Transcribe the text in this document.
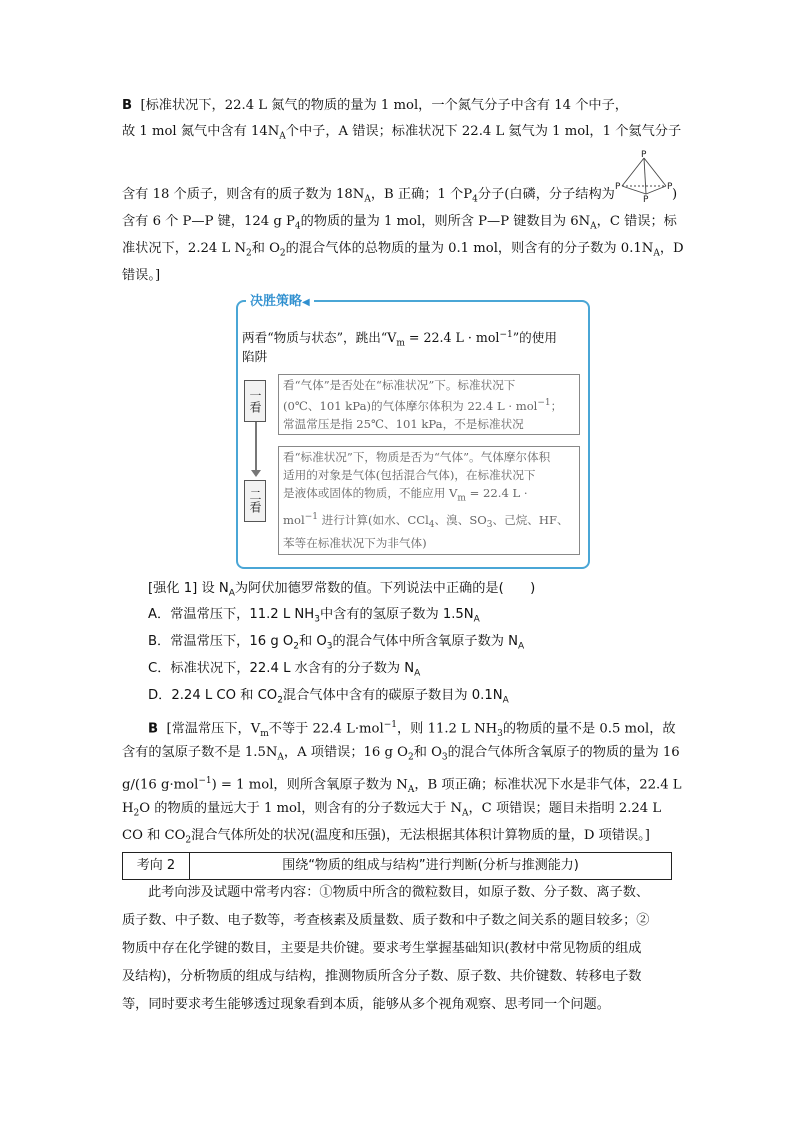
B [标准状况下，22.4 L 氮气的物质的量为 1 mol，一个氮气分子中含有 14 个中子，
故 1 mol 氮气中含有 $14N_A$个中子，A 错误；标准状况下 22.4 L 氦气为 1 mol，1 个氦气分子
含有 18 个质子，则含有的质子数为 $18N_A$，B 正确；1 个$P_4$分子(白磷，分子结构为	)
P
P	P
P
含有 6 个 P—P 键，124 g $P_4$的物质的量为 1 mol，则所含 P—P 键数目为 $6N_A$，C 错误；标
准状况下，2.24 L $N_2$和 $O_2$的混合气体的总物质的量为 0.1 mol，则含有的分子数为 $0.1N_A$，D
错误。]
决胜策略◀
两看“物质与状态”，跳出“$V_m = 22.4$ L · mol$^{-1}$”的使用
陷阱
一看
二看
看“气体”是否处在“标准状况”下。标准状况下
(0℃、101 kPa)的气体摩尔体积为 22.4 L · mol$^{-1}$；
常温常压是指 25℃、101 kPa，不是标准状况
看“标准状况”下，物质是否为“气体”。气体摩尔体积
适用的对象是气体(包括混合气体)，在标准状况下
是液体或固体的物质，不能应用 $V_m = 22.4$ L ·
mol$^{-1}$ 进行计算(如水、CCl$_4$、溴、$SO_3$、己烷、HF、
苯等在标准状况下为非气体)
[强化 1] 设 $N_A$为阿伏加德罗常数的值。下列说法中正确的是(　　)
A．常温常压下，11.2 L $NH_3$中含有的氢原子数为 $1.5N_A$
B．常温常压下，16 g $O_2$和 $O_3$的混合气体中所含氧原子数为 $N_A$
C．标准状况下，22.4 L 水含有的分子数为 $N_A$
D．2.24 L CO 和 $CO_2$混合气体中含有的碳原子数目为 $0.1N_A$
B [常温常压下，$V_m$不等于 22.4 L·mol$^{-1}$，则 11.2 L $NH_3$的物质的量不是 0.5 mol，故
含有的氢原子数不是 $1.5N_A$，A 项错误；16 g $O_2$和 $O_3$的混合气体所含氧原子的物质的量为 16
g/(16 g·mol$^{-1}$) = 1 mol，则所含氧原子数为 $N_A$，B 项正确；标准状况下水是非气体，22.4 L
$H_2O$ 的物质的量远大于 1 mol，则含有的分子数远大于 $N_A$，C 项错误；题目未指明 2.24 L
CO 和 $CO_2$混合气体所处的状况(温度和压强)，无法根据其体积计算物质的量，D 项错误。]
考向 2	围绕“物质的组成与结构”进行判断(分析与推测能力)
此考向涉及试题中常考内容：①物质中所含的微粒数目，如原子数、分子数、离子数、
质子数、中子数、电子数等，考查核素及质量数、质子数和中子数之间关系的题目较多；②
物质中存在化学键的数目，主要是共价键。要求考生掌握基础知识(教材中常见物质的组成
及结构)，分析物质的组成与结构，推测物质所含分子数、原子数、共价键数、转移电子数
等，同时要求考生能够透过现象看到本质，能够从多个视角观察、思考同一个问题。
